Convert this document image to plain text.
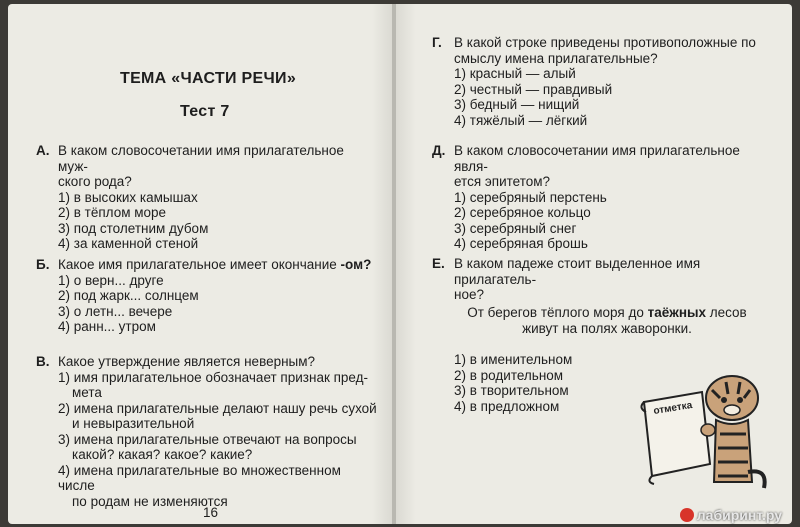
ТЕМА «ЧАСТИ РЕЧИ»
Тест 7
А. В каком словосочетании имя прилагательное муж-
ского рода?
1) в высоких камышах
2) в тёплом море
3) под столетним дубом
4) за каменной стеной
Б. Какое имя прилагательное имеет окончание -ом?
1) о верн... друге
2) под жарк... солнцем
3) о летн... вечере
4) ранн... утром
В. Какое утверждение является неверным?
1) имя прилагательное обозначает признак пред-
мета
2) имена прилагательные делают нашу речь сухой
и невыразительной
3) имена прилагательные отвечают на вопросы
какой? какая? какое? какие?
4) имена прилагательные во множественном числе
по родам не изменяются
16
Г. В какой строке приведены противоположные по
смыслу имена прилагательные?
1) красный — алый
2) честный — правдивый
3) бедный — нищий
4) тяжёлый — лёгкий
Д. В каком словосочетании имя прилагательное явля-
ется эпитетом?
1) серебряный перстень
2) серебряное кольцо
3) серебряный снег
4) серебряная брошь
Е. В каком падеже стоит выделенное имя прилагатель-
ное?
От берегов тёплого моря до таёжных лесов
живут на полях жаворонки.
1) в именительном
2) в родительном
3) в творительном
4) в предложном	отметка
лабиринт.ру
